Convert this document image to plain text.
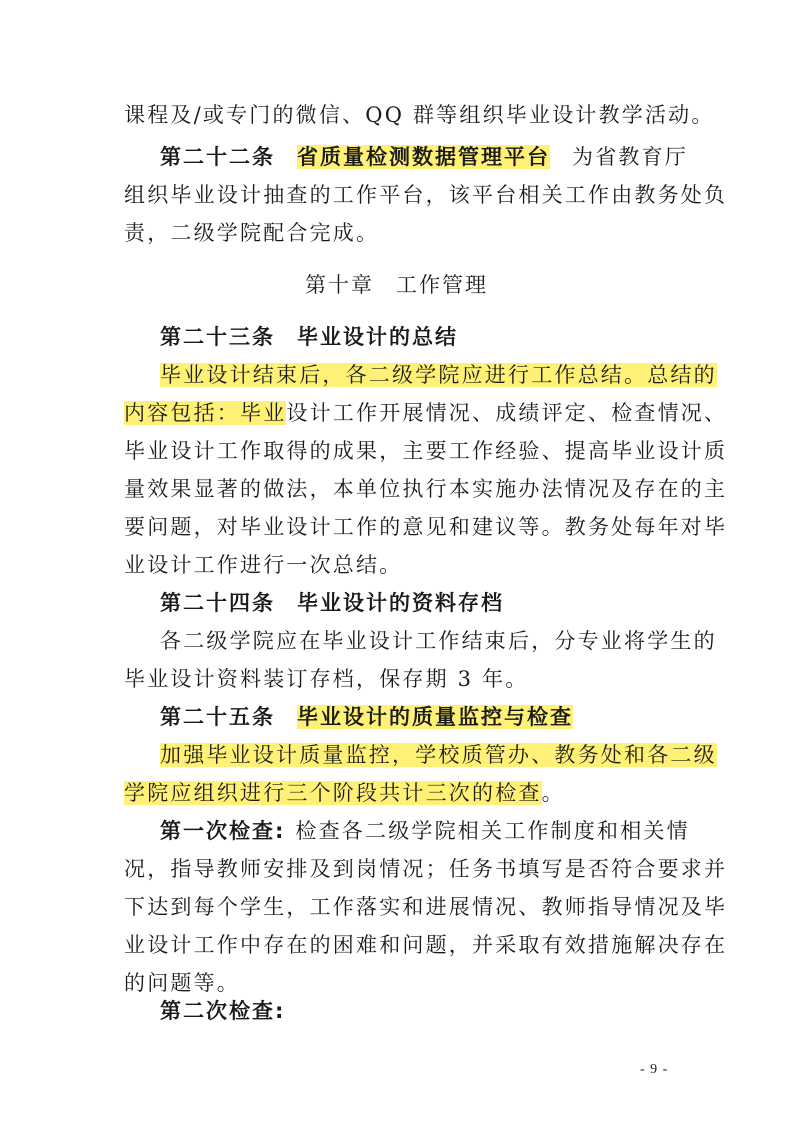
课程及/或专门的微信、QQ 群等组织毕业设计教学活动。
第二十二条 省质量检测数据管理平台 为省教育厅
组织毕业设计抽查的工作平台，该平台相关工作由教务处负
责，二级学院配合完成。
第十章 工作管理
第二十三条 毕业设计的总结
毕业设计结束后，各二级学院应进行工作总结。总结的
内容包括：毕业设计工作开展情况、成绩评定、检查情况、
毕业设计工作取得的成果，主要工作经验、提高毕业设计质
量效果显著的做法，本单位执行本实施办法情况及存在的主
要问题，对毕业设计工作的意见和建议等。教务处每年对毕
业设计工作进行一次总结。
第二十四条 毕业设计的资料存档
各二级学院应在毕业设计工作结束后，分专业将学生的
毕业设计资料装订存档，保存期 3 年。
第二十五条 毕业设计的质量监控与检查
加强毕业设计质量监控，学校质管办、教务处和各二级
学院应组织进行三个阶段共计三次的检查。
第一次检查: 检查各二级学院相关工作制度和相关情
况，指导教师安排及到岗情况；任务书填写是否符合要求并
下达到每个学生，工作落实和进展情况、教师指导情况及毕
业设计工作中存在的困难和问题，并采取有效措施解决存在
的问题等。
第二次检查:
- 9 -
